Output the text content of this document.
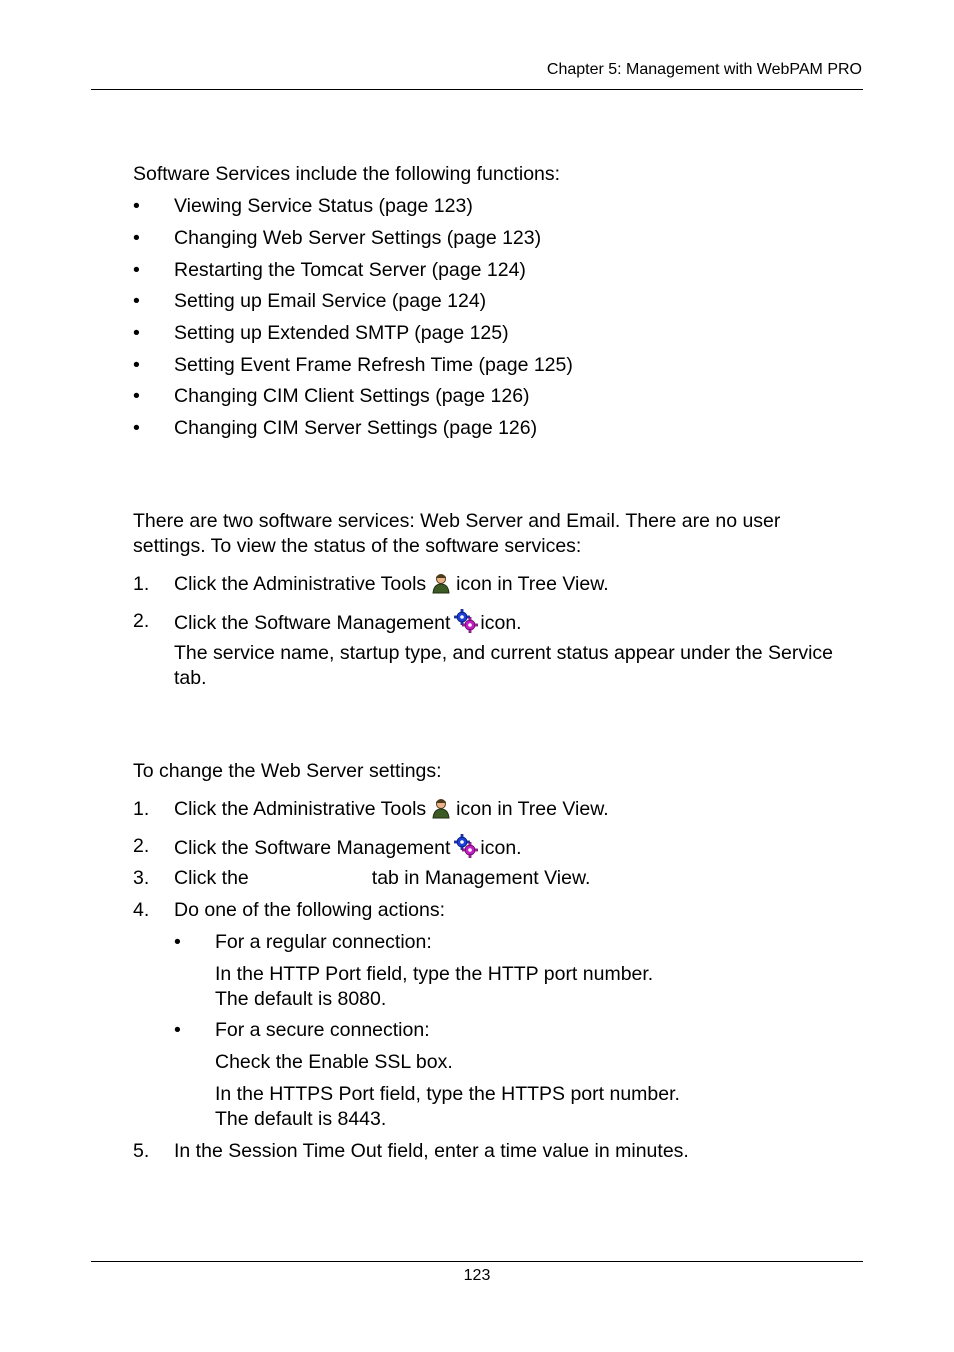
Chapter 5: Management with WebPAM PRO
Software Services include the following functions:
• Viewing Service Status (page 123)
• Changing Web Server Settings (page 123)
• Restarting the Tomcat Server (page 124)
• Setting up Email Service (page 124)
• Setting up Extended SMTP (page 125)
• Setting Event Frame Refresh Time (page 125)
• Changing CIM Client Settings (page 126)
• Changing CIM Server Settings (page 126)
There are two software services: Web Server and Email. There are no user
settings. To view the status of the software services:
1. Click the Administrative Tools icon in Tree View.
2. Click the Software Management icon.
The service name, startup type, and current status appear under the Service
tab.
To change the Web Server settings:
1. Click the Administrative Tools icon in Tree View.
2. Click the Software Management icon.
3. Click the	tab in Management View.
4. Do one of the following actions:
• For a regular connection:
In the HTTP Port field, type the HTTP port number.
The default is 8080.
• For a secure connection:
Check the Enable SSL box.
In the HTTPS Port field, type the HTTPS port number.
The default is 8443.
5. In the Session Time Out field, enter a time value in minutes.
123
